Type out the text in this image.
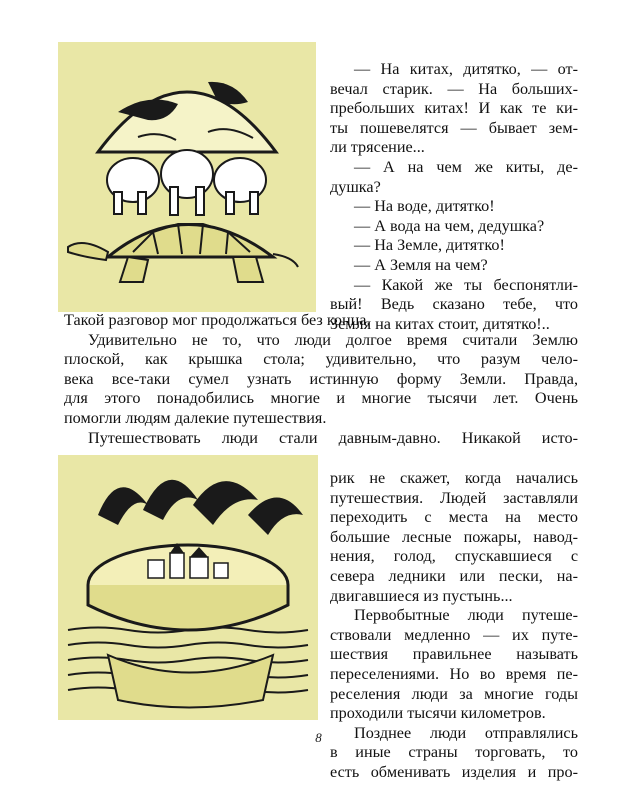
— На китах, дитятко, — от-
вечал старик. — На больших-
пребольших китах! И как те ки-
ты пошевелятся — бывает зем-
ли трясение...
— А на чем же киты, де-
душка?
— На воде, дитятко!
— А вода на чем, дедушка?
— На Земле, дитятко!
— А Земля на чем?
— Какой же ты беспонятли-
вый! Ведь сказано тебе, что
Земля на китах стоит, дитятко!..
Такой разговор мог продолжаться без конца.
Удивительно не то, что люди долгое время считали Землю
плоской, как крышка стола; удивительно, что разум чело-
века все-таки сумел узнать истинную форму Земли. Правда,
для этого понадобились многие и многие тысячи лет. Очень
помогли людям далекие путешествия.
Путешествовать люди стали давным-давно. Никакой исто-
рик не скажет, когда начались
путешествия. Людей заставляли
переходить с места на место
большие лесные пожары, навод-
нения, голод, спускавшиеся с
севера ледники или пески, на-
двигавшиеся из пустынь...
Первобытные люди путеше-
ствовали медленно — их путе-
шествия правильнее называть
переселениями. Но во время пе-
реселения люди за многие годы
проходили тысячи километров.
Позднее люди отправлялись
в иные страны торговать, то
есть обменивать изделия и про-
8
